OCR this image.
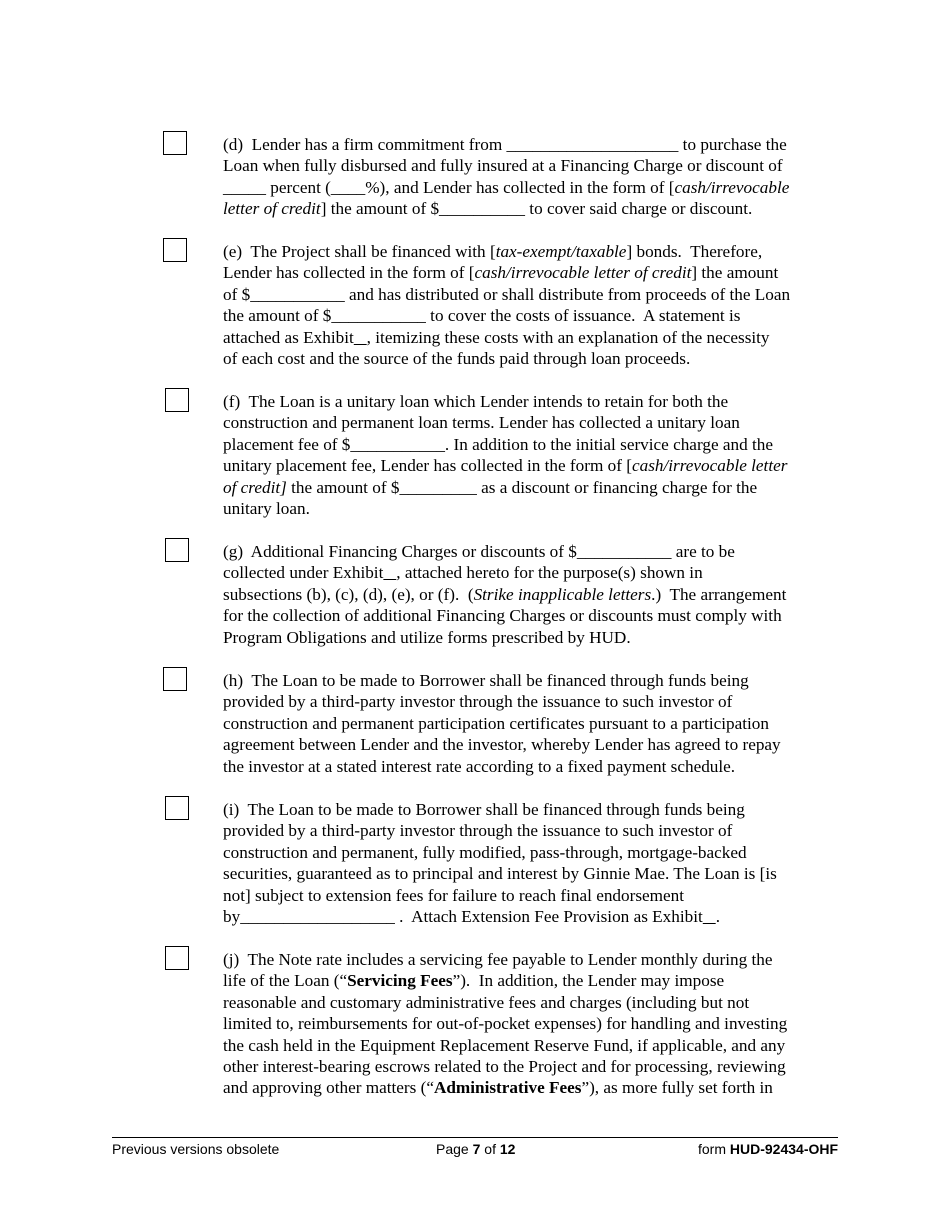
(d)  Lender has a firm commitment from ____________________ to purchase the
Loan when fully disbursed and fully insured at a Financing Charge or discount of
_____ percent (____%), and Lender has collected in the form of [cash/irrevocable
letter of credit] the amount of $__________ to cover said charge or discount.
(e)  The Project shall be financed with [tax-exempt/taxable] bonds.  Therefore,
Lender has collected in the form of [cash/irrevocable letter of credit] the amount
of $___________ and has distributed or shall distribute from proceeds of the Loan
the amount of $___________ to cover the costs of issuance.  A statement is
attached as Exhibit , itemizing these costs with an explanation of the necessity
of each cost and the source of the funds paid through loan proceeds.
(f)  The Loan is a unitary loan which Lender intends to retain for both the
construction and permanent loan terms. Lender has collected a unitary loan
placement fee of $___________. In addition to the initial service charge and the
unitary placement fee, Lender has collected in the form of [cash/irrevocable letter
of credit] the amount of $_________ as a discount or financing charge for the
unitary loan.
(g)  Additional Financing Charges or discounts of $___________ are to be
collected under Exhibit , attached hereto for the purpose(s) shown in
subsections (b), (c), (d), (e), or (f).  (Strike inapplicable letters.)  The arrangement
for the collection of additional Financing Charges or discounts must comply with
Program Obligations and utilize forms prescribed by HUD.
(h)  The Loan to be made to Borrower shall be financed through funds being
provided by a third-party investor through the issuance to such investor of
construction and permanent participation certificates pursuant to a participation
agreement between Lender and the investor, whereby Lender has agreed to repay
the investor at a stated interest rate according to a fixed payment schedule.
(i)  The Loan to be made to Borrower shall be financed through funds being
provided by a third-party investor through the issuance to such investor of
construction and permanent, fully modified, pass-through, mortgage-backed
securities, guaranteed as to principal and interest by Ginnie Mae. The Loan is [is
not] subject to extension fees for failure to reach final endorsement
by__________________ .  Attach Extension Fee Provision as Exhibit .
(j)  The Note rate includes a servicing fee payable to Lender monthly during the
life of the Loan (“Servicing Fees”).  In addition, the Lender may impose
reasonable and customary administrative fees and charges (including but not
limited to, reimbursements for out-of-pocket expenses) for handling and investing
the cash held in the Equipment Replacement Reserve Fund, if applicable, and any
other interest-bearing escrows related to the Project and for processing, reviewing
and approving other matters (“Administrative Fees”), as more fully set forth in
Previous versions obsolete	Page 7 of 12	form HUD-92434-OHF
